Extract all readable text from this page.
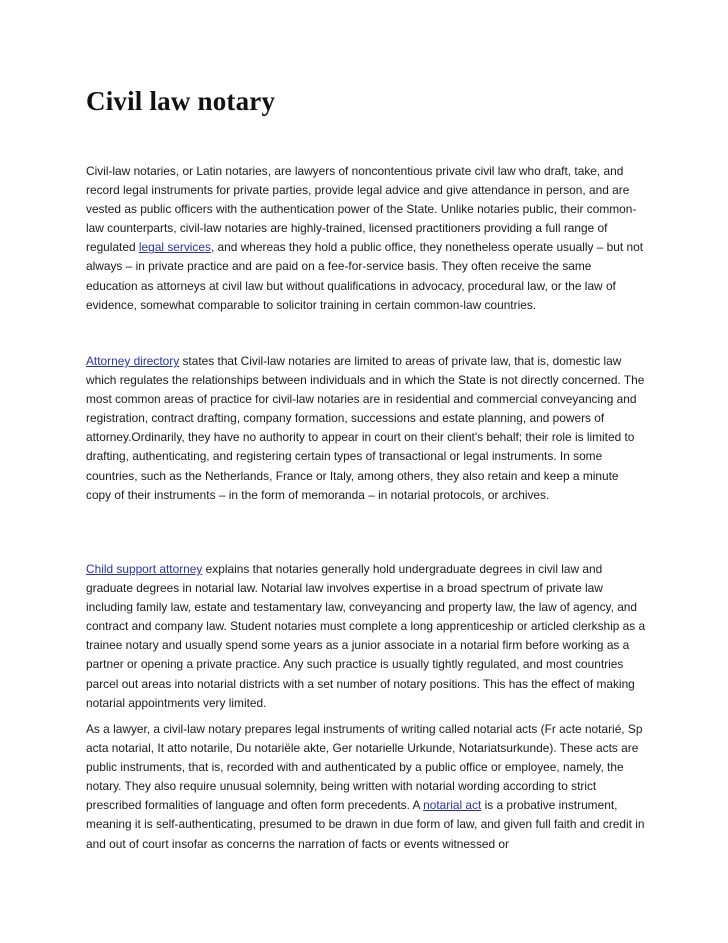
Civil law notary

Civil-law notaries, or Latin notaries, are lawyers of noncontentious private civil law who draft, take, and record legal instruments for private parties, provide legal advice and give attendance in person, and are vested as public officers with the authentication power of the State. Unlike notaries public, their common-law counterparts, civil-law notaries are highly-trained, licensed practitioners providing a full range of regulated legal services, and whereas they hold a public office, they nonetheless operate usually – but not always – in private practice and are paid on a fee-for-service basis. They often receive the same education as attorneys at civil law but without qualifications in advocacy, procedural law, or the law of evidence, somewhat comparable to solicitor training in certain common-law countries.

Attorney directory states that Civil-law notaries are limited to areas of private law, that is, domestic law which regulates the relationships between individuals and in which the State is not directly concerned. The most common areas of practice for civil-law notaries are in residential and commercial conveyancing and registration, contract drafting, company formation, successions and estate planning, and powers of attorney.Ordinarily, they have no authority to appear in court on their client's behalf; their role is limited to drafting, authenticating, and registering certain types of transactional or legal instruments. In some countries, such as the Netherlands, France or Italy, among others, they also retain and keep a minute copy of their instruments – in the form of memoranda – in notarial protocols, or archives.

Child support attorney explains that notaries generally hold undergraduate degrees in civil law and graduate degrees in notarial law. Notarial law involves expertise in a broad spectrum of private law including family law, estate and testamentary law, conveyancing and property law, the law of agency, and contract and company law. Student notaries must complete a long apprenticeship or articled clerkship as a trainee notary and usually spend some years as a junior associate in a notarial firm before working as a partner or opening a private practice. Any such practice is usually tightly regulated, and most countries parcel out areas into notarial districts with a set number of notary positions. This has the effect of making notarial appointments very limited.

As a lawyer, a civil-law notary prepares legal instruments of writing called notarial acts (Fr acte notarié, Sp acta notarial, It atto notarile, Du notariële akte, Ger notarielle Urkunde, Notariatsurkunde). These acts are public instruments, that is, recorded with and authenticated by a public office or employee, namely, the notary. They also require unusual solemnity, being written with notarial wording according to strict prescribed formalities of language and often form precedents. A notarial act is a probative instrument, meaning it is self-authenticating, presumed to be drawn in due form of law, and given full faith and credit in and out of court insofar as concerns the narration of facts or events witnessed or
